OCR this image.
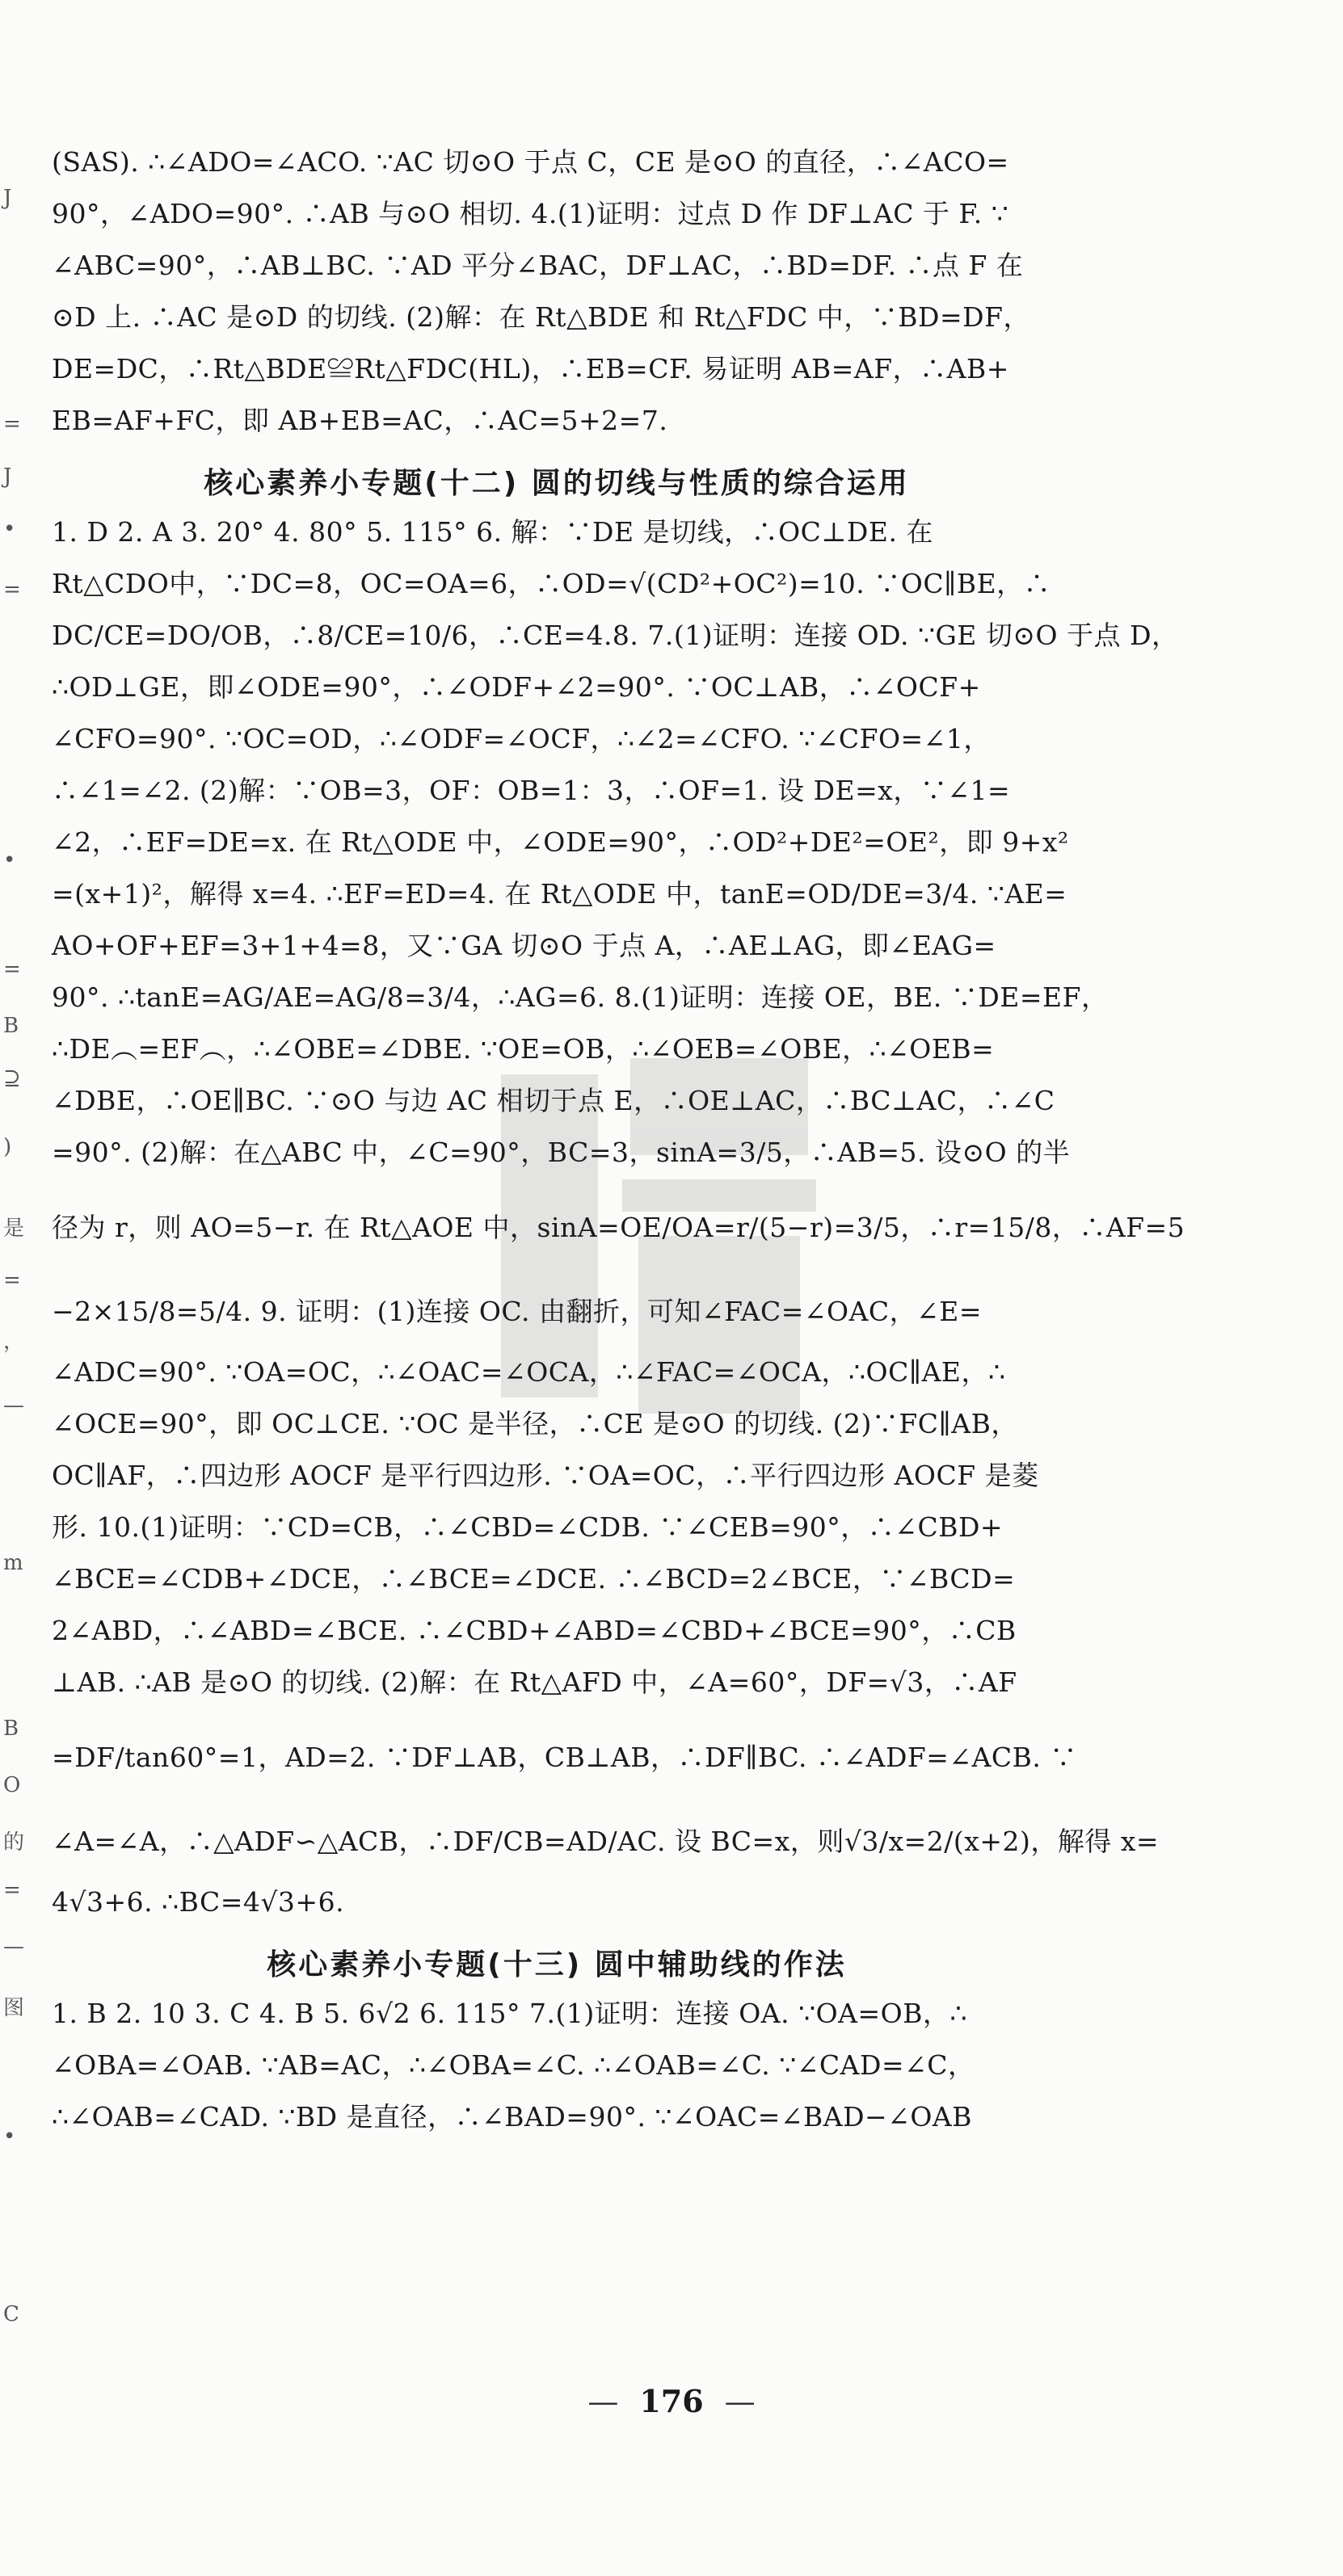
J
=
J
•
=
•
=
B
⊇
)
是
=
，
—
m
B
O
的
=
—
图
•
C
(SAS). ∴∠ADO=∠ACO. ∵AC 切⊙O 于点 C，CE 是⊙O 的直径，∴∠ACO=
90°，∠ADO=90°. ∴AB 与⊙O 相切. 4.(1)证明：过点 D 作 DF⊥AC 于 F. ∵
∠ABC=90°，∴AB⊥BC. ∵AD 平分∠BAC，DF⊥AC，∴BD=DF. ∴点 F 在
⊙D 上. ∴AC 是⊙D 的切线. (2)解：在 Rt△BDE 和 Rt△FDC 中，∵BD=DF，
DE=DC，∴Rt△BDE≌Rt△FDC(HL)，∴EB=CF. 易证明 AB=AF，∴AB+
EB=AF+FC，即 AB+EB=AC，∴AC=5+2=7.
核心素养小专题(十二) 圆的切线与性质的综合运用
1. D 2. A 3. 20° 4. 80° 5. 115° 6. 解：∵DE 是切线，∴OC⊥DE. 在
Rt△CDO中，∵DC=8，OC=OA=6，∴OD=√(CD²+OC²)=10. ∵OC∥BE，∴
DC/CE=DO/OB，∴8/CE=10/6，∴CE=4.8. 7.(1)证明：连接 OD. ∵GE 切⊙O 于点 D，
∴OD⊥GE，即∠ODE=90°，∴∠ODF+∠2=90°. ∵OC⊥AB，∴∠OCF+
∠CFO=90°. ∵OC=OD，∴∠ODF=∠OCF，∴∠2=∠CFO. ∵∠CFO=∠1，
∴∠1=∠2. (2)解：∵OB=3，OF：OB=1：3，∴OF=1. 设 DE=x，∵∠1=
∠2，∴EF=DE=x. 在 Rt△ODE 中，∠ODE=90°，∴OD²+DE²=OE²，即 9+x²
=(x+1)²，解得 x=4. ∴EF=ED=4. 在 Rt△ODE 中，tanE=OD/DE=3/4. ∵AE=
AO+OF+EF=3+1+4=8，又∵GA 切⊙O 于点 A，∴AE⊥AG，即∠EAG=
90°. ∴tanE=AG/AE=AG/8=3/4，∴AG=6. 8.(1)证明：连接 OE，BE. ∵DE=EF，
∴DE︵=EF︵，∴∠OBE=∠DBE. ∵OE=OB，∴∠OEB=∠OBE，∴∠OEB=
∠DBE，∴OE∥BC. ∵⊙O 与边 AC 相切于点 E，∴OE⊥AC，∴BC⊥AC，∴∠C
=90°. (2)解：在△ABC 中，∠C=90°，BC=3，sinA=3/5，∴AB=5. 设⊙O 的半
径为 r，则 AO=5−r. 在 Rt△AOE 中，sinA=OE/OA=r/(5−r)=3/5，∴r=15/8，∴AF=5
−2×15/8=5/4. 9. 证明：(1)连接 OC. 由翻折，可知∠FAC=∠OAC，∠E=
∠ADC=90°. ∵OA=OC，∴∠OAC=∠OCA，∴∠FAC=∠OCA，∴OC∥AE，∴
∠OCE=90°，即 OC⊥CE. ∵OC 是半径，∴CE 是⊙O 的切线. (2)∵FC∥AB，
OC∥AF，∴四边形 AOCF 是平行四边形. ∵OA=OC，∴平行四边形 AOCF 是菱
形. 10.(1)证明：∵CD=CB，∴∠CBD=∠CDB. ∵∠CEB=90°，∴∠CBD+
∠BCE=∠CDB+∠DCE，∴∠BCE=∠DCE. ∴∠BCD=2∠BCE，∵∠BCD=
2∠ABD，∴∠ABD=∠BCE. ∴∠CBD+∠ABD=∠CBD+∠BCE=90°，∴CB
⊥AB. ∴AB 是⊙O 的切线. (2)解：在 Rt△AFD 中，∠A=60°，DF=√3，∴AF
=DF/tan60°=1，AD=2. ∵DF⊥AB，CB⊥AB，∴DF∥BC. ∴∠ADF=∠ACB. ∵
∠A=∠A，∴△ADF∽△ACB，∴DF/CB=AD/AC. 设 BC=x，则√3/x=2/(x+2)，解得 x=
4√3+6. ∴BC=4√3+6.
核心素养小专题(十三) 圆中辅助线的作法
1. B 2. 10 3. C 4. B 5. 6√2 6. 115° 7.(1)证明：连接 OA. ∵OA=OB，∴
∠OBA=∠OAB. ∵AB=AC，∴∠OBA=∠C. ∴∠OAB=∠C. ∵∠CAD=∠C，
∴∠OAB=∠CAD. ∵BD 是直径，∴∠BAD=90°. ∵∠OAC=∠BAD−∠OAB
— 176 —
